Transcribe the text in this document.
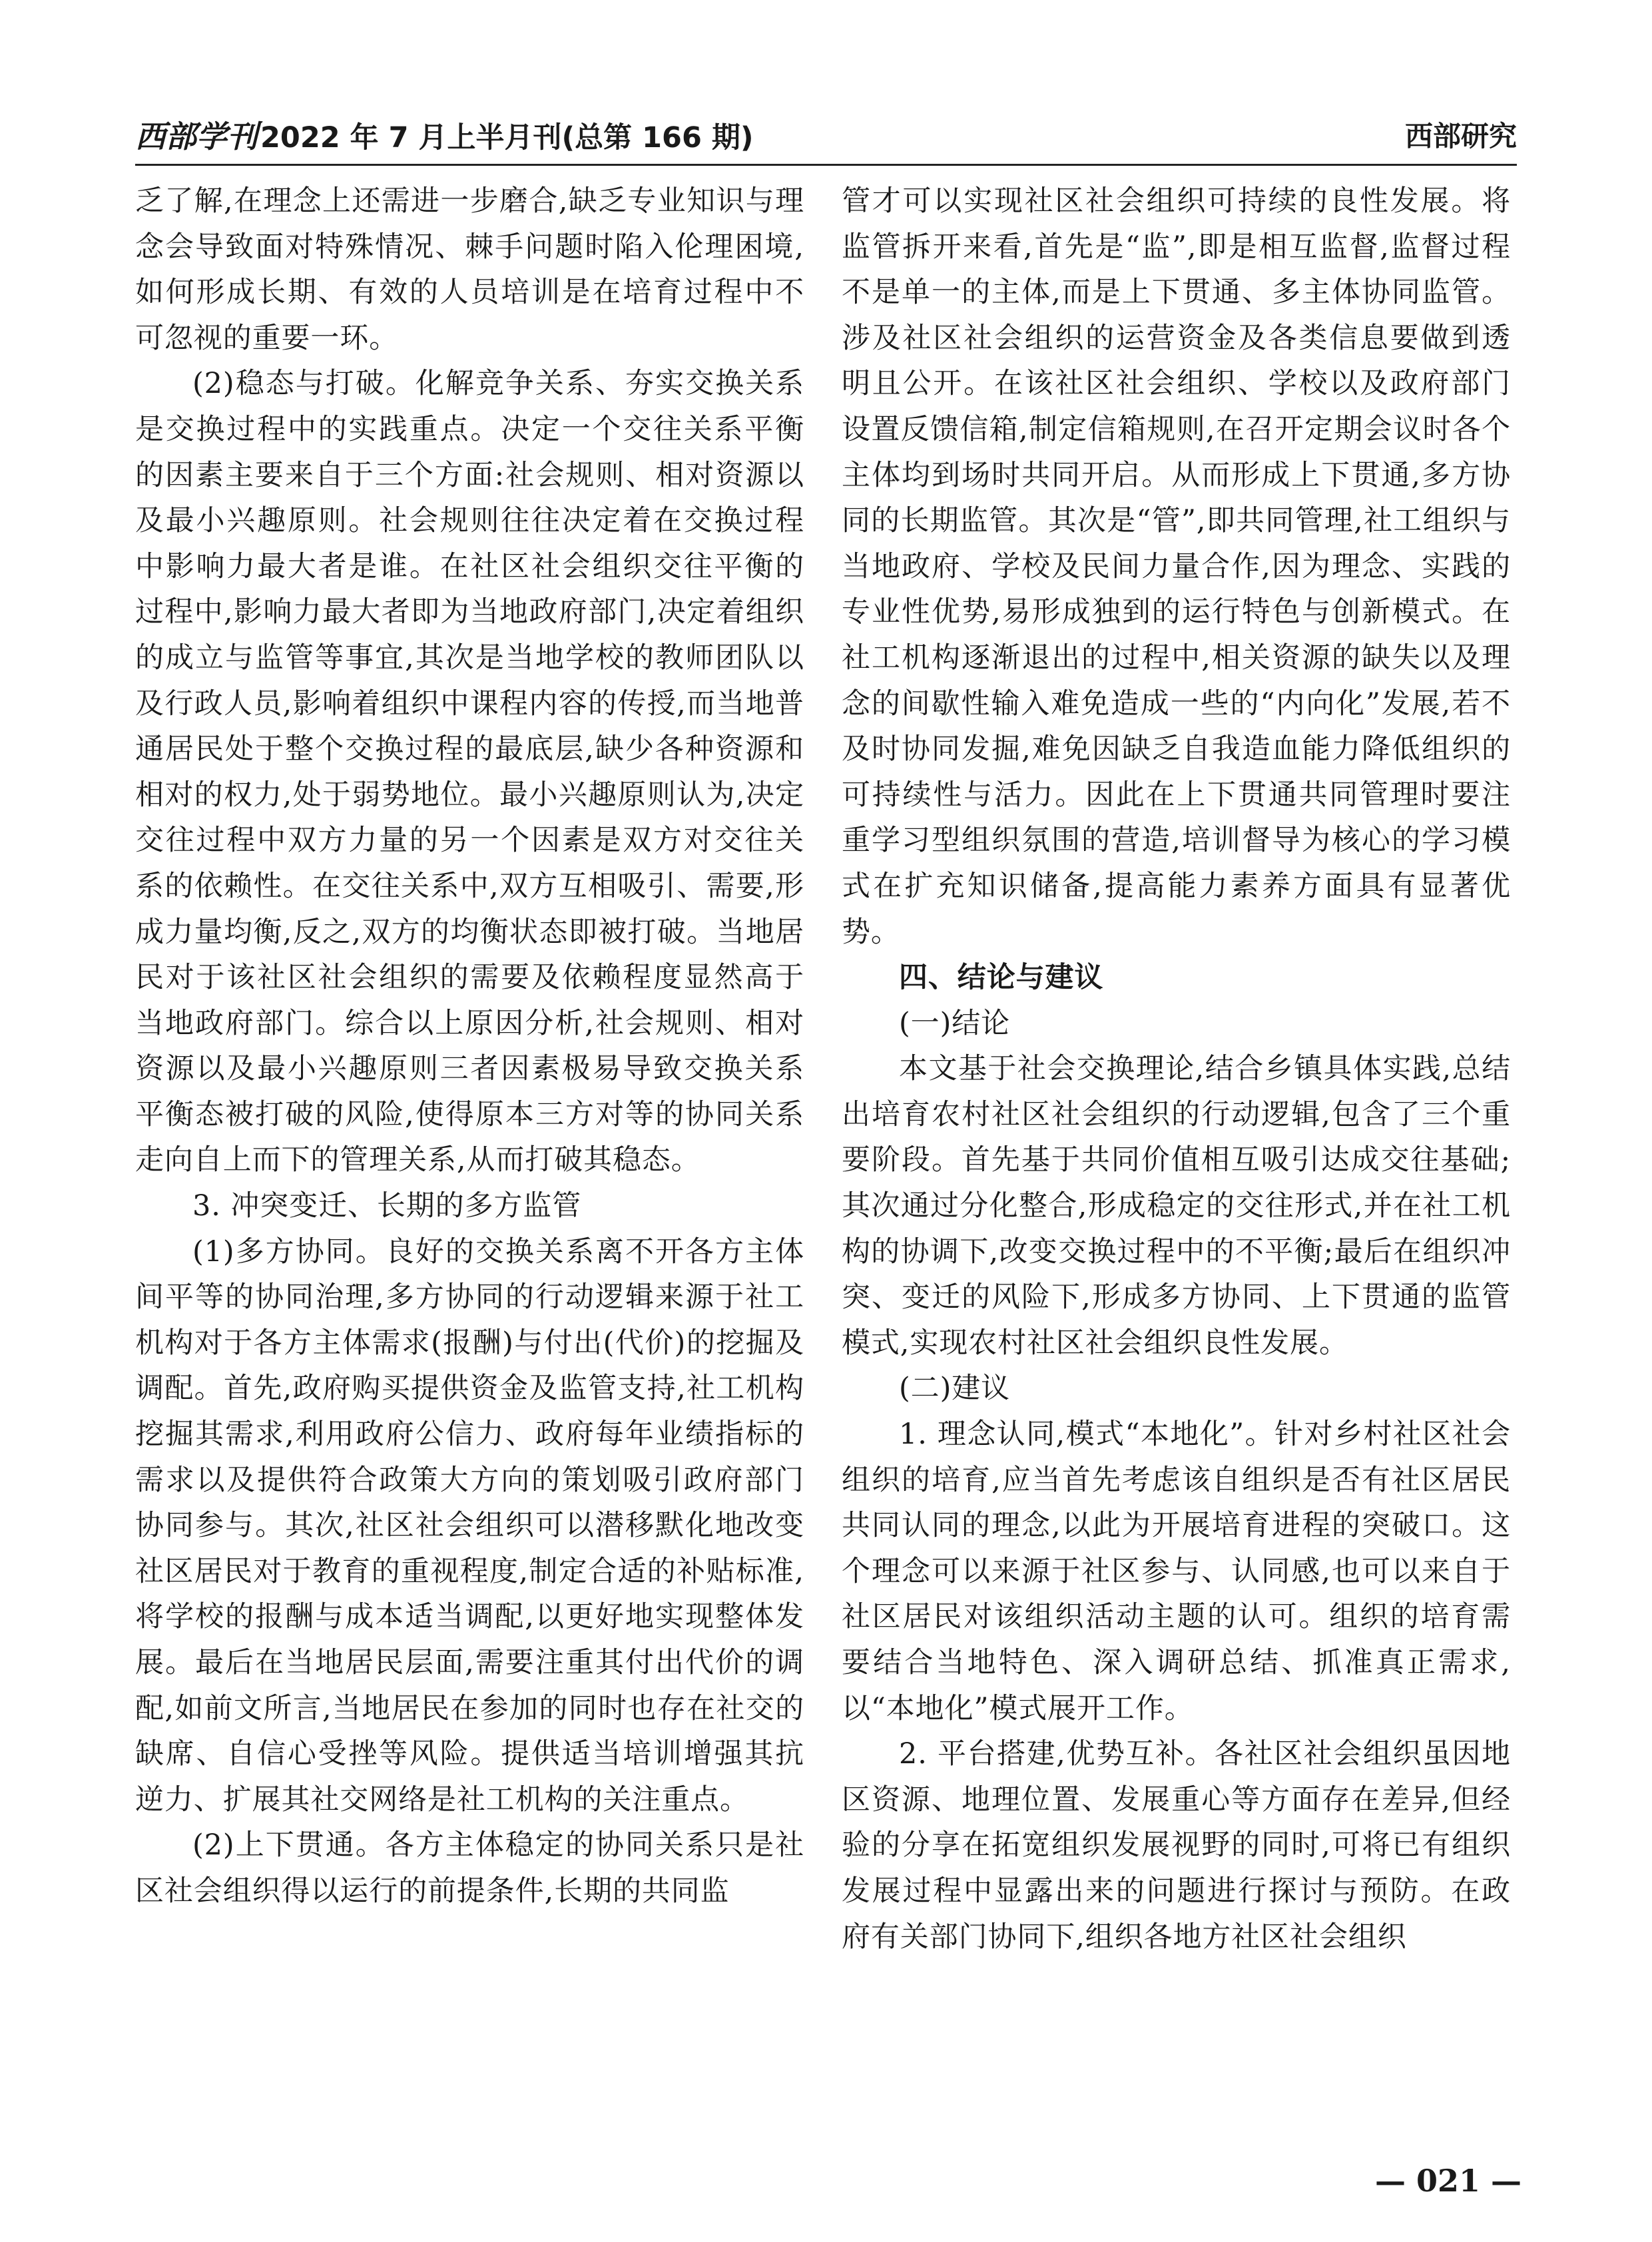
西部学刊2022 年 7 月上半月刊(总第 166 期)	西部研究

乏了解,在理念上还需进一步磨合,缺乏专业知识与理念会导致面对特殊情况、棘手问题时陷入伦理困境,如何形成长期、有效的人员培训是在培育过程中不可忽视的重要一环。

(2)稳态与打破。化解竞争关系、夯实交换关系是交换过程中的实践重点。决定一个交往关系平衡的因素主要来自于三个方面:社会规则、相对资源以及最小兴趣原则。社会规则往往决定着在交换过程中影响力最大者是谁。在社区社会组织交往平衡的过程中,影响力最大者即为当地政府部门,决定着组织的成立与监管等事宜,其次是当地学校的教师团队以及行政人员,影响着组织中课程内容的传授,而当地普通居民处于整个交换过程的最底层,缺少各种资源和相对的权力,处于弱势地位。最小兴趣原则认为,决定交往过程中双方力量的另一个因素是双方对交往关系的依赖性。在交往关系中,双方互相吸引、需要,形成力量均衡,反之,双方的均衡状态即被打破。当地居民对于该社区社会组织的需要及依赖程度显然高于当地政府部门。综合以上原因分析,社会规则、相对资源以及最小兴趣原则三者因素极易导致交换关系平衡态被打破的风险,使得原本三方对等的协同关系走向自上而下的管理关系,从而打破其稳态。

3. 冲突变迁、长期的多方监管

(1)多方协同。良好的交换关系离不开各方主体间平等的协同治理,多方协同的行动逻辑来源于社工机构对于各方主体需求(报酬)与付出(代价)的挖掘及调配。首先,政府购买提供资金及监管支持,社工机构挖掘其需求,利用政府公信力、政府每年业绩指标的需求以及提供符合政策大方向的策划吸引政府部门协同参与。其次,社区社会组织可以潜移默化地改变社区居民对于教育的重视程度,制定合适的补贴标准,将学校的报酬与成本适当调配,以更好地实现整体发展。最后在当地居民层面,需要注重其付出代价的调配,如前文所言,当地居民在参加的同时也存在社交的缺席、自信心受挫等风险。提供适当培训增强其抗逆力、扩展其社交网络是社工机构的关注重点。

(2)上下贯通。各方主体稳定的协同关系只是社区社会组织得以运行的前提条件,长期的共同监

管才可以实现社区社会组织可持续的良性发展。将监管拆开来看,首先是“监”,即是相互监督,监督过程不是单一的主体,而是上下贯通、多主体协同监管。涉及社区社会组织的运营资金及各类信息要做到透明且公开。在该社区社会组织、学校以及政府部门设置反馈信箱,制定信箱规则,在召开定期会议时各个主体均到场时共同开启。从而形成上下贯通,多方协同的长期监管。其次是“管”,即共同管理,社工组织与当地政府、学校及民间力量合作,因为理念、实践的专业性优势,易形成独到的运行特色与创新模式。在社工机构逐渐退出的过程中,相关资源的缺失以及理念的间歇性输入难免造成一些的“内向化”发展,若不及时协同发掘,难免因缺乏自我造血能力降低组织的可持续性与活力。因此在上下贯通共同管理时要注重学习型组织氛围的营造,培训督导为核心的学习模式在扩充知识储备,提高能力素养方面具有显著优势。

四、结论与建议

(一)结论

本文基于社会交换理论,结合乡镇具体实践,总结出培育农村社区社会组织的行动逻辑,包含了三个重要阶段。首先基于共同价值相互吸引达成交往基础;其次通过分化整合,形成稳定的交往形式,并在社工机构的协调下,改变交换过程中的不平衡;最后在组织冲突、变迁的风险下,形成多方协同、上下贯通的监管模式,实现农村社区社会组织良性发展。

(二)建议

1. 理念认同,模式“本地化”。针对乡村社区社会组织的培育,应当首先考虑该自组织是否有社区居民共同认同的理念,以此为开展培育进程的突破口。这个理念可以来源于社区参与、认同感,也可以来自于社区居民对该组织活动主题的认可。组织的培育需要结合当地特色、深入调研总结、抓准真正需求,以“本地化”模式展开工作。

2. 平台搭建,优势互补。各社区社会组织虽因地区资源、地理位置、发展重心等方面存在差异,但经验的分享在拓宽组织发展视野的同时,可将已有组织发展过程中显露出来的问题进行探讨与预防。在政府有关部门协同下,组织各地方社区社会组织

— 021 —
